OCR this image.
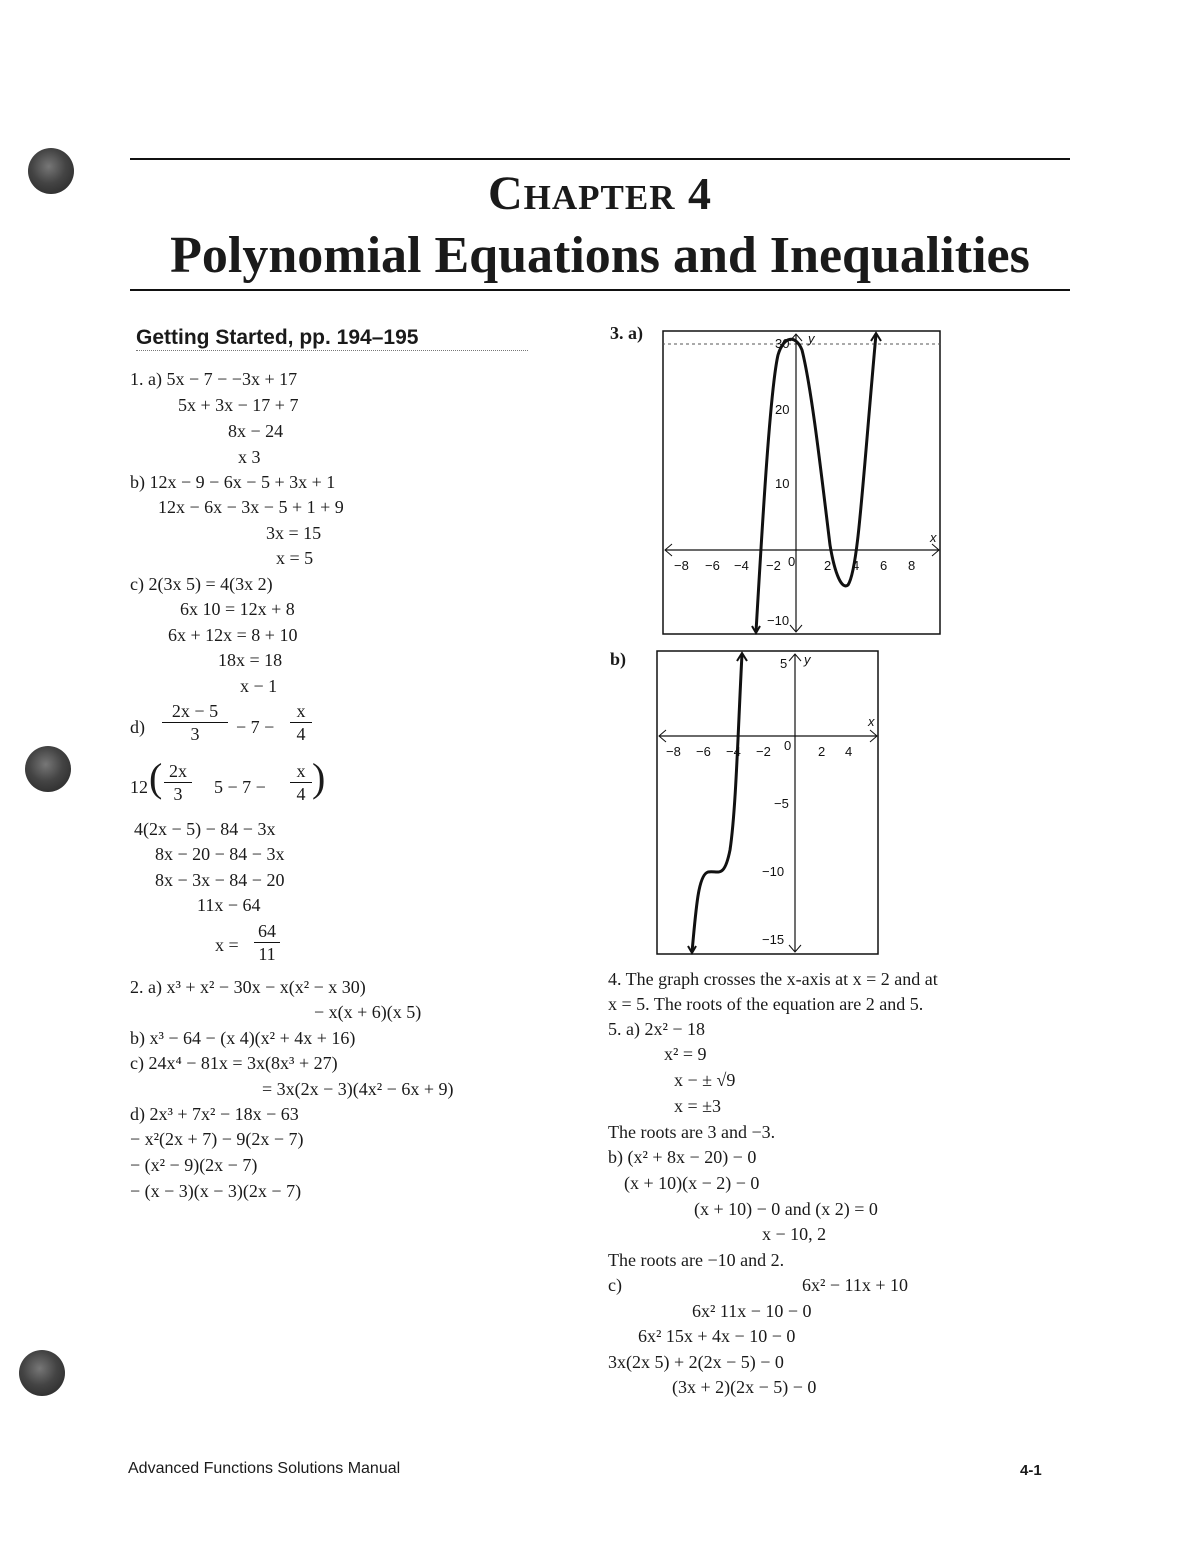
CHAPTER 4
Polynomial Equations and Inequalities
Getting Started, pp. 194–195
1. a) 5x − 7 − −3x + 17
5x + 3x − 17 + 7
8x − 24
x 3
b) 12x − 9 − 6x − 5 + 3x + 1
12x − 6x − 3x − 5 + 1 + 9
3x = 15
x = 5
c) 2(3x 5) = 4(3x 2)
6x 10 = 12x + 8
6x + 12x = 8 + 10
18x = 18
x − 1
$d) \frac{2x - 5}{3} - 7 - \frac{x}{4}$
12 ( $\frac{2x}{3} 5 - 7 - \frac{x}{4}$ )
4(2x − 5) − 84 − 3x
8x − 20 − 84 − 3x
8x − 3x − 84 − 20
11x − 64
$x = \frac{64}{11}$
2. a) x³ + x² − 30x − x(x² − x 30)
− x(x + 6)(x 5)
b) x³ − 64 − (x 4)(x² + 4x + 16)
c) 24x⁴ − 81x = 3x(8x³ + 27)
= 3x(2x − 3)(4x² − 6x + 9)
d) 2x³ + 7x² − 18x − 63
− x²(2x + 7) − 9(2x − 7)
− (x² − 9)(2x − 7)
− (x − 3)(x − 3)(2x − 7)
3. a)
x
y
−8 −6 −4 −2 0 2 4 6 8
30
20
10
−10
b)
x
y
−8 −6 −4 −2 0 2 4
5
−5
−10
−15
4. The graph crosses the x-axis at x = 2 and at
x = 5. The roots of the equation are 2 and 5.
5. a) 2x² − 18
x² = 9
x − ± √9
x = ±3
The roots are 3 and −3.
b) (x² + 8x − 20) − 0
(x + 10)(x − 2) − 0
(x + 10) − 0 and (x 2) = 0
x − 10, 2
The roots are −10 and 2.
c)	6x² − 11x + 10
6x² 11x − 10 − 0
6x² 15x + 4x − 10 − 0
3x(2x 5) + 2(2x − 5) − 0
(3x + 2)(2x − 5) − 0
Advanced Functions Solutions Manual	4-1
